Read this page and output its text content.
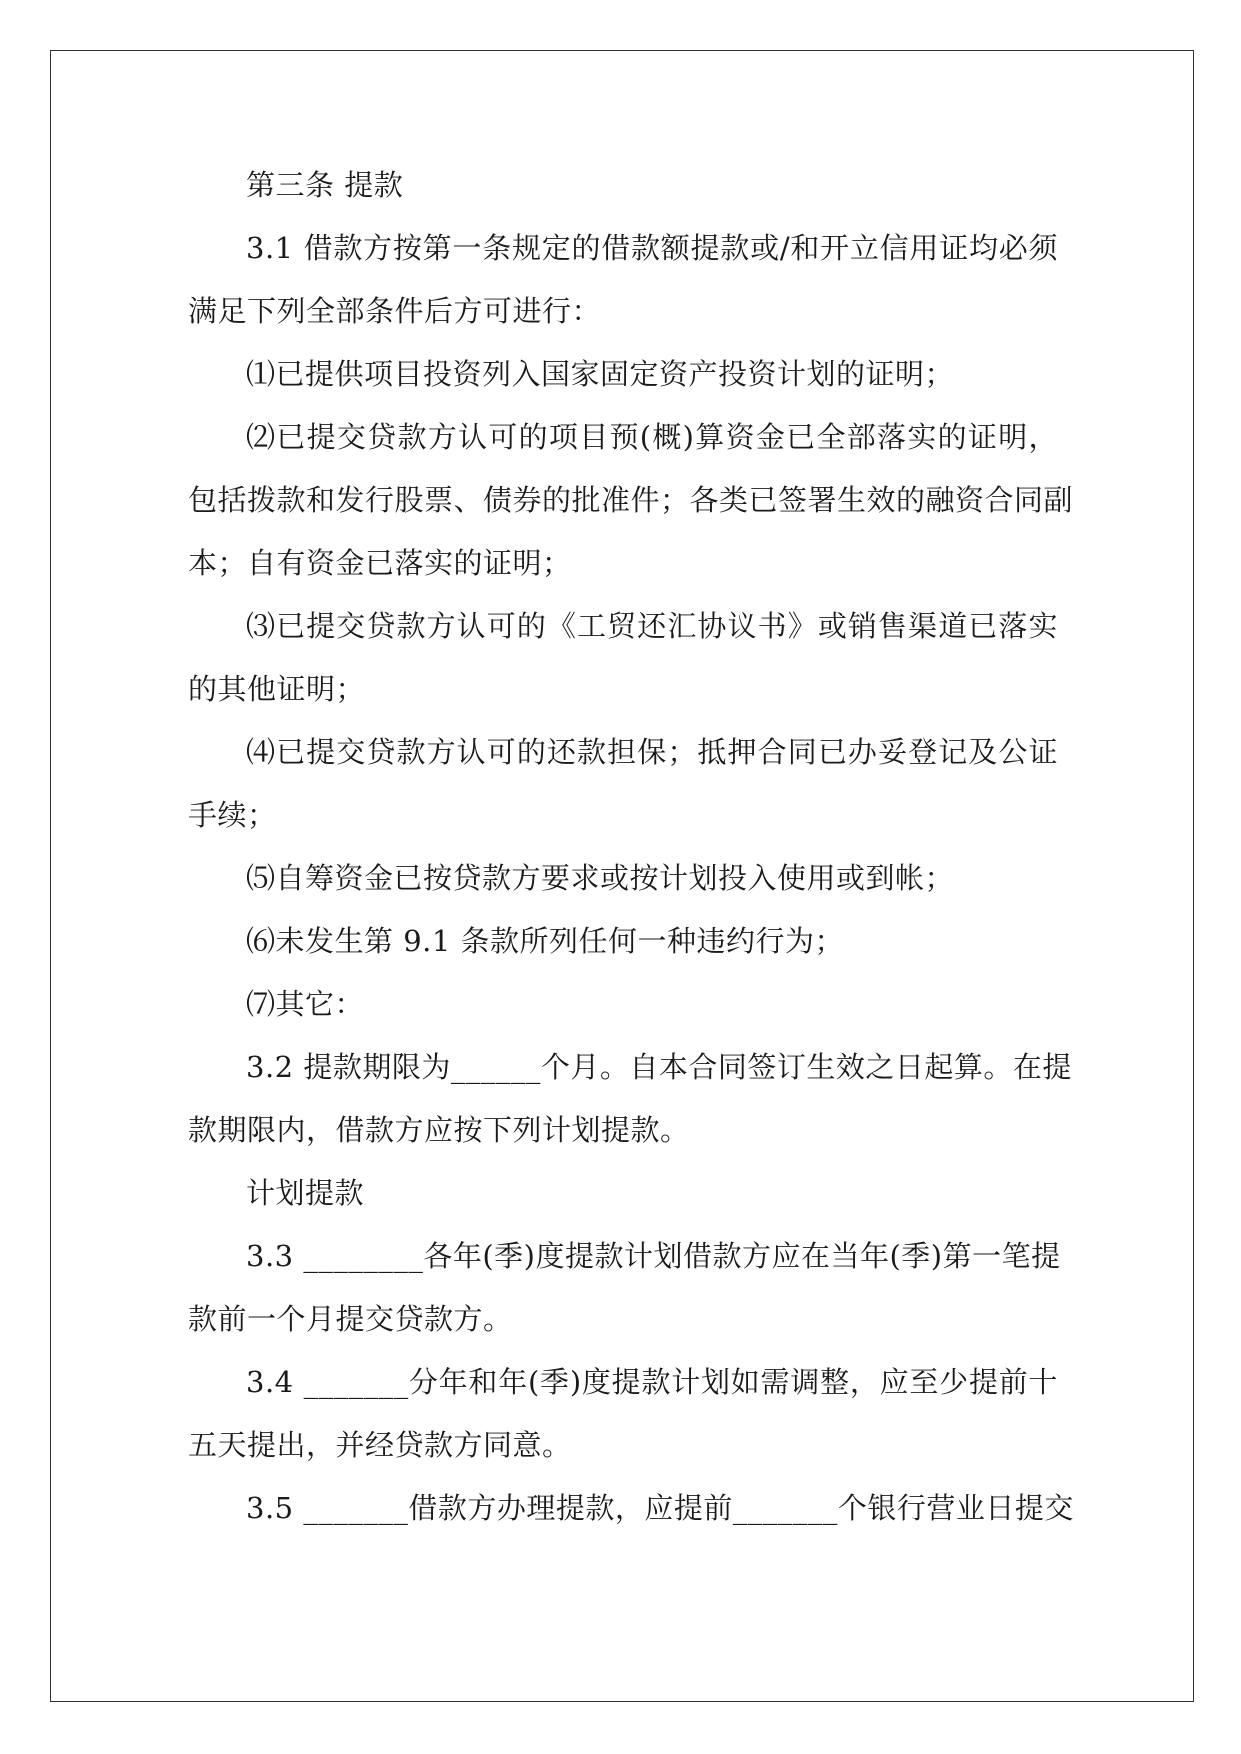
第三条 提款
3.1 借款方按第一条规定的借款额提款或/和开立信用证均必须
满足下列全部条件后方可进行：
⑴已提供项目投资列入国家固定资产投资计划的证明；
⑵已提交贷款方认可的项目预(概)算资金已全部落实的证明，
包括拨款和发行股票、债券的批准件；各类已签署生效的融资合同副
本；自有资金已落实的证明；
⑶已提交贷款方认可的《工贸还汇协议书》或销售渠道已落实
的其他证明；
⑷已提交贷款方认可的还款担保；抵押合同已办妥登记及公证
手续；
⑸自筹资金已按贷款方要求或按计划投入使用或到帐；
⑹未发生第 9.1 条款所列任何一种违约行为；
⑺其它：
3.2 提款期限为______个月。自本合同签订生效之日起算。在提
款期限内，借款方应按下列计划提款。
计划提款
3.3 ________各年(季)度提款计划借款方应在当年(季)第一笔提
款前一个月提交贷款方。
3.4 _______分年和年(季)度提款计划如需调整，应至少提前十
五天提出，并经贷款方同意。
3.5 _______借款方办理提款，应提前_______个银行营业日提交
